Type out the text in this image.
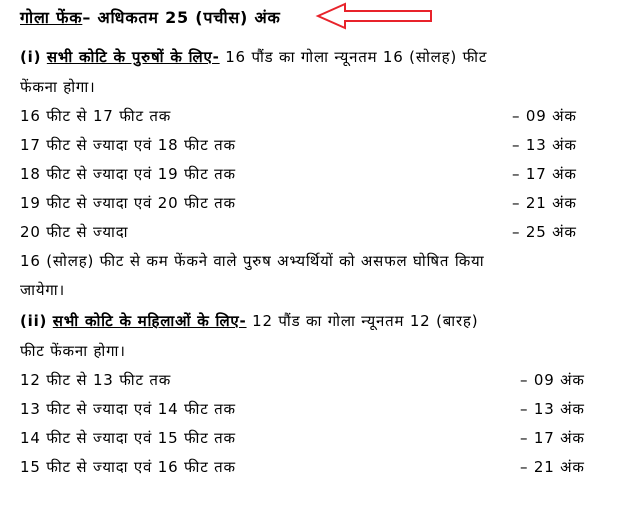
गोला फेंक– अधिकतम 25 (पचीस) अंक
(i) सभी कोटि के पुरुषों के लिए- 16 पौंड का गोला न्यूनतम 16 (सोलह) फीट
फेंकना होगा।
16 फीट से 17 फीट तक	– 09 अंक
17 फीट से ज्यादा एवं 18 फीट तक	– 13 अंक
18 फीट से ज्यादा एवं 19 फीट तक	– 17 अंक
19 फीट से ज्यादा एवं 20 फीट तक	– 21 अंक
20 फीट से ज्यादा	– 25 अंक
16 (सोलह) फीट से कम फेंकने वाले पुरुष अभ्यर्थियों को असफल घोषित किया
जायेगा।
(ii) सभी कोटि के महिलाओं के लिए- 12 पौंड का गोला न्यूनतम 12 (बारह)
फीट फेंकना होगा।
12 फीट से 13 फीट तक	– 09 अंक
13 फीट से ज्यादा एवं 14 फीट तक	– 13 अंक
14 फीट से ज्यादा एवं 15 फीट तक	– 17 अंक
15 फीट से ज्यादा एवं 16 फीट तक	– 21 अंक
